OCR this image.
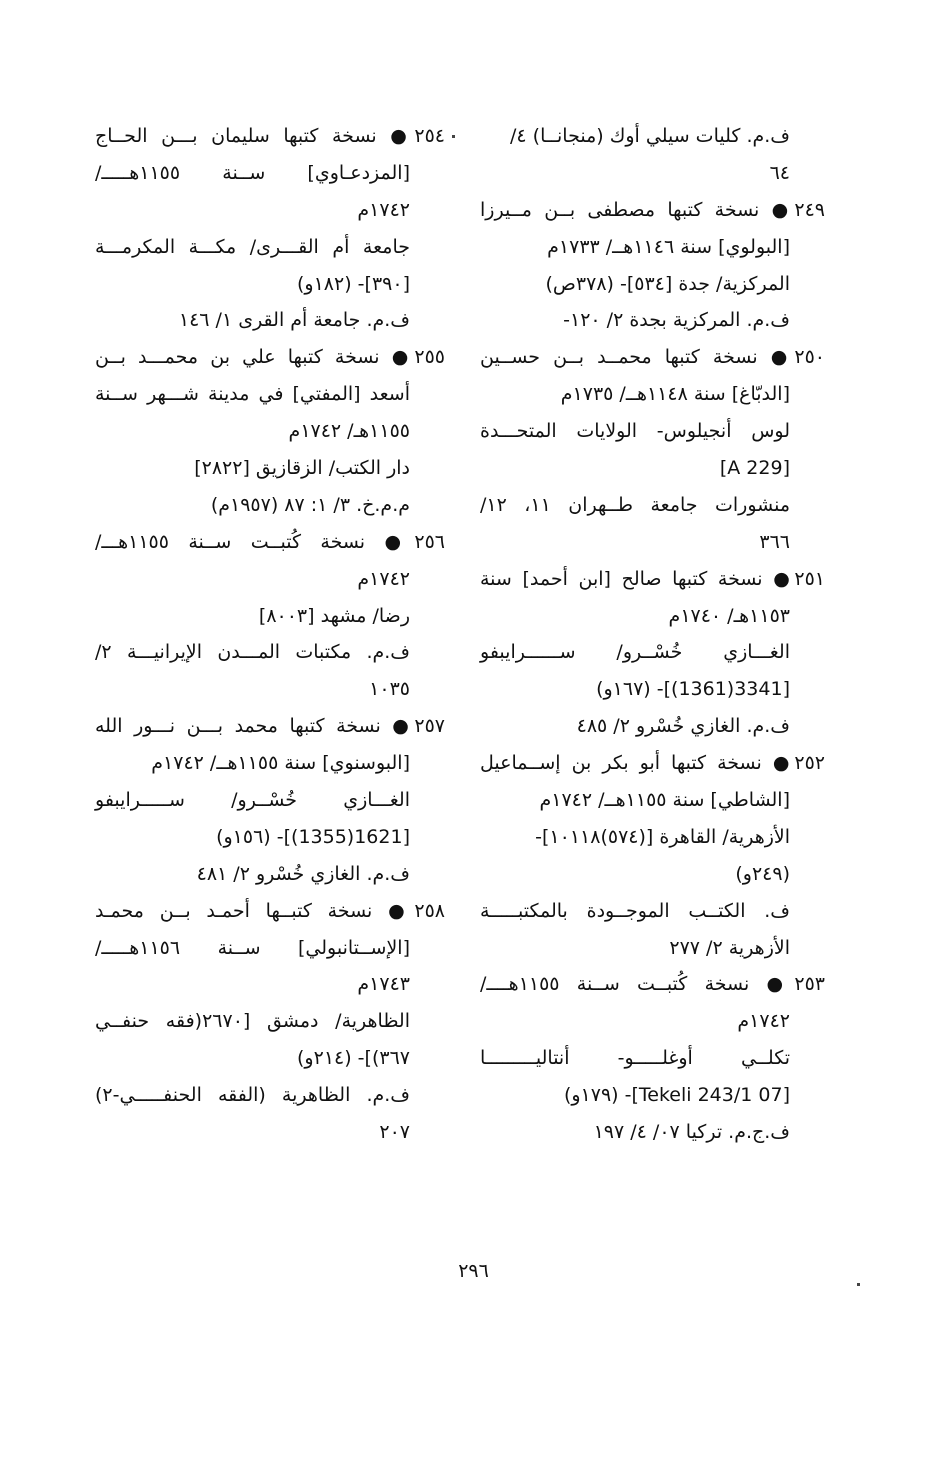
ف.م. كليات سيلي أوك (منجانــا) ٤/
٦٤
٢٤٩● نسخة كتبها مصطفى بــن مــيرزا
[البولوي] سنة ١١٤٦هــ/ ١٧٣٣م
المركزية/ جدة [٥٣٤]- (٣٧٨ص)
ف.م. المركزية بجدة ٢/ ١٢٠-
٢٥٠● نسخة كتبها محمــد بــن حســين
[الدبّاغ] سنة ١١٤٨هــ/ ١٧٣٥م
لوس أنجيلوس- الولايات المتحـــدة
[A 229]
منشورات جامعة طــهران ١١، ١٢/
٣٦٦
٢٥١● نسخة كتبها صالح [ابن أحمد] سنة
١١٥٣هـ/ ١٧٤٠م
الغـــازي خُسْــرو/ ســــــرايبفو
[3341(1361)]- (١٦٧و)
ف.م. الغازي خُسْرو ٢/ ٤٨٥
٢٥٢● نسخة كتبها أبو بكر بن إســماعيل
[الشاطي] سنة ١١٥٥هــ/ ١٧٤٢م
الأزهرية/ القاهرة [(٥٧٤)١٠١١٨]-
(٢٤٩و)
ف. الكتــب الموجــودة بالمكتبـــــة
الأزهرية ٢/ ٢٧٧
٢٥٣● نسخة كُتبــت ســنة ١١٥٥هــــ/
١٧٤٢م
تكلــي أوغلـــــو- أنتاليـــــــــا
[07 Tekeli 243/1]- (١٧٩و)
ف.ج.م. تركيا ٠٧/ ٤/ ١٩٧
٢٥٤● نسخة كتبها سليمان بـــن الحــاج
[المزدعـاوي] ســنة ١١٥٥هـــــ/
١٧٤٢م
جامعة أم القـــرى/ مكـــة المكرمـــة
[٣٩٠]- (١٨٢و)
ف.م. جامعة أم القرى ١/ ١٤٦
٢٥٥● نسخة كتبها علي بن محمـــد بــن
أسعد [المفتي] في مدينة شـــهر ســنة
١١٥٥هـ/ ١٧٤٢م
دار الكتب/ الزقازيق [٢٨٢٢]
م.م.خ. ٣/ ١: ٨٧ (١٩٥٧م)
٢٥٦● نسخة كُتبــت ســنة ١١٥٥هـــ/
١٧٤٢م
رضا/ مشهد [٨٠٠٣]
ف.م. مكتبات المـــدن الإيرانيـــة ٢/
١٠٣٥
٢٥٧● نسخة كتبها محمد بـــن نـــور الله
[البوسنوي] سنة ١١٥٥هــ/ ١٧٤٢م
الغـــازي خُسْــرو/ ســـــرايبفو
[1621(1355)]- (١٥٦و)
ف.م. الغازي خُسْرو ٢/ ٤٨١
٢٥٨● نسخة كتبــها أحمـد بــن محمـد
[الإســتانبولي] ســنة ١١٥٦هـــــ/
١٧٤٣م
الظاهرية/ دمشق [٢٦٧٠(فقه حنفــي
٣٦٧)]- (٢١٤و)
ف.م. الظاهرية (الفقه الحنفـــــي-٢)
٢٠٧
٢٩٦
